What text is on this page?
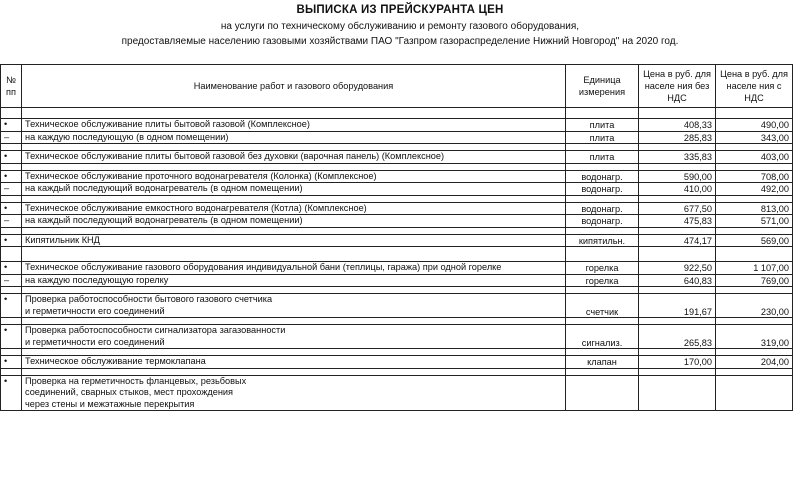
ВЫПИСКА ИЗ ПРЕЙСКУРАНТА ЦЕН
на услуги по техническому обслуживанию и ремонту газового оборудования,
предоставляемые населению газовыми хозяйствами ПАО "Газпром газораспределение Нижний Новгород" на 2020 год.
№ пп	Наименование работ и газового оборудования	Единица измерения	Цена в руб. для населе ния без НДС	Цена в руб. для населе ния с НДС

•	Техническое обслуживание плиты бытовой газовой (Комплексное)	плита	408,33	490,00
–	на каждую последующую (в одном помещении)	плита	285,83	343,00

•	Техническое обслуживание плиты бытовой газовой без духовки (варочная панель) (Комплексное)	плита	335,83	403,00

•	Техническое обслуживание проточного водонагревателя (Колонка) (Комплексное)	водонагр.	590,00	708,00
–	на каждый последующий водонагреватель (в одном помещении)	водонагр.	410,00	492,00

•	Техническое обслуживание емкостного водонагревателя (Котла) (Комплексное)	водонагр.	677,50	813,00
–	на каждый последующий водонагреватель (в одном помещении)	водонагр.	475,83	571,00

•	Кипятильник КНД	кипятильн.	474,17	569,00

•	Техническое обслуживание газового оборудования индивидуальной бани (теплицы, гаража) при одной горелке	горелка	922,50	1 107,00
–	на каждую последующую горелку	горелка	640,83	769,00

•	Проверка работоспособности бытового газового счетчика
и герметичности его соединений	счетчик	191,67	230,00

•	Проверка работоспособности сигнализатора загазованности
и герметичности его соединений	сигнализ.	265,83	319,00

•	Техническое обслуживание термоклапана	клапан	170,00	204,00

•	Проверка на герметичность фланцевых, резьбовых
соединений, сварных стыков, мест прохождения
через стены и межэтажные перекрытия			
